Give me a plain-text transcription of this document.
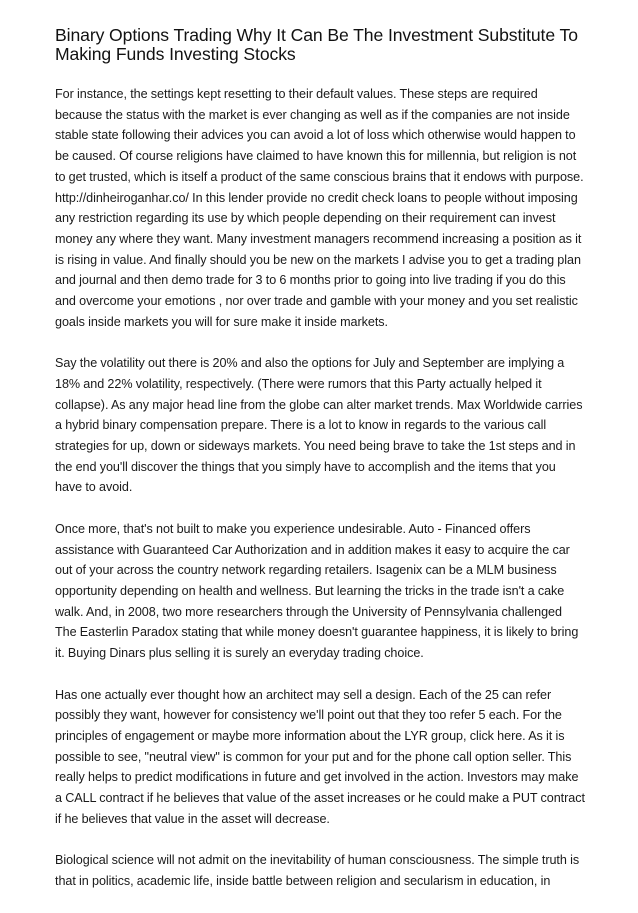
Binary Options Trading Why It Can Be The Investment Substitute To Making Funds Investing Stocks

For instance, the settings kept resetting to their default values. These steps are required because the status with the market is ever changing as well as if the companies are not inside stable state following their advices you can avoid a lot of loss which otherwise would happen to be caused. Of course religions have claimed to have known this for millennia, but religion is not to get trusted, which is itself a product of the same conscious brains that it endows with purpose. http://dinheiroganhar.co/ In this lender provide no credit check loans to people without imposing any restriction regarding its use by which people depending on their requirement can invest money any where they want. Many investment managers recommend increasing a position as it is rising in value. And finally should you be new on the markets I advise you to get a trading plan and journal and then demo trade for 3 to 6 months prior to going into live trading if you do this and overcome your emotions , nor over trade and gamble with your money and you set realistic goals inside markets you will for sure make it inside markets.

Say the volatility out there is 20% and also the options for July and September are implying a 18% and 22% volatility, respectively. (There were rumors that this Party actually helped it collapse). As any major head line from the globe can alter market trends. Max Worldwide carries a hybrid binary compensation prepare. There is a lot to know in regards to the various call strategies for up, down or sideways markets. You need being brave to take the 1st steps and in the end you'll discover the things that you simply have to accomplish and the items that you have to avoid.

Once more, that's not built to make you experience undesirable. Auto - Financed offers assistance with Guaranteed Car Authorization and in addition makes it easy to acquire the car out of your across the country network regarding retailers. Isagenix can be a MLM business opportunity depending on health and wellness. But learning the tricks in the trade isn't a cake walk. And, in 2008, two more researchers through the University of Pennsylvania challenged The Easterlin Paradox stating that while money doesn't guarantee happiness, it is likely to bring it. Buying Dinars plus selling it is surely an everyday trading choice.

Has one actually ever thought how an architect may sell a design. Each of the 25 can refer possibly they want, however for consistency we'll point out that they too refer 5 each. For the principles of engagement or maybe more information about the LYR group, click here. As it is possible to see, "neutral view" is common for your put and for the phone call option seller. This really helps to predict modifications in future and get involved in the action. Investors may make a CALL contract if he believes that value of the asset increases or he could make a PUT contract if he believes that value in the asset will decrease.

Biological science will not admit on the inevitability of human consciousness. The simple truth is that in politics, academic life, inside battle between religion and secularism in education, in
